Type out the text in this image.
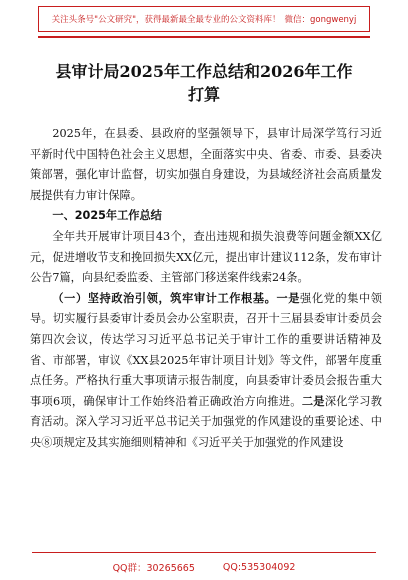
关注头条号"公文研究"，获得最新最全最专业的公文资料库！ 微信：gongwenyj
县审计局2025年工作总结和2026年工作
打算

2025年，在县委、县政府的坚强领导下，县审计局深学笃行习近平新时代中国特色社会主义思想，全面落实中央、省委、市委、县委决策部署，强化审计监督，切实加强自身建设，为县域经济社会高质量发展提供有力审计保障。

一、2025年工作总结

全年共开展审计项目43个，查出违规和损失浪费等问题金额XX亿元，促进增收节支和挽回损失XX亿元，提出审计建议112条，发布审计公告7篇，向县纪委监委、主管部门移送案件线索24条。

（一）坚持政治引领，筑牢审计工作根基。一是强化党的集中领导。切实履行县委审计委员会办公室职责，召开十三届县委审计委员会第四次会议，传达学习习近平总书记关于审计工作的重要讲话精神及省、市部署，审议《XX县2025年审计项目计划》等文件，部署年度重点任务。严格执行重大事项请示报告制度，向县委审计委员会报告重大事项6项，确保审计工作始终沿着正确政治方向推进。二是深化学习教育活动。深入学习习近平总书记关于加强党的作风建设的重要论述、中央⑧项规定及其实施细则精神和《习近平关于加强党的作风建设

QQ群：30265665	QQ:535304092
